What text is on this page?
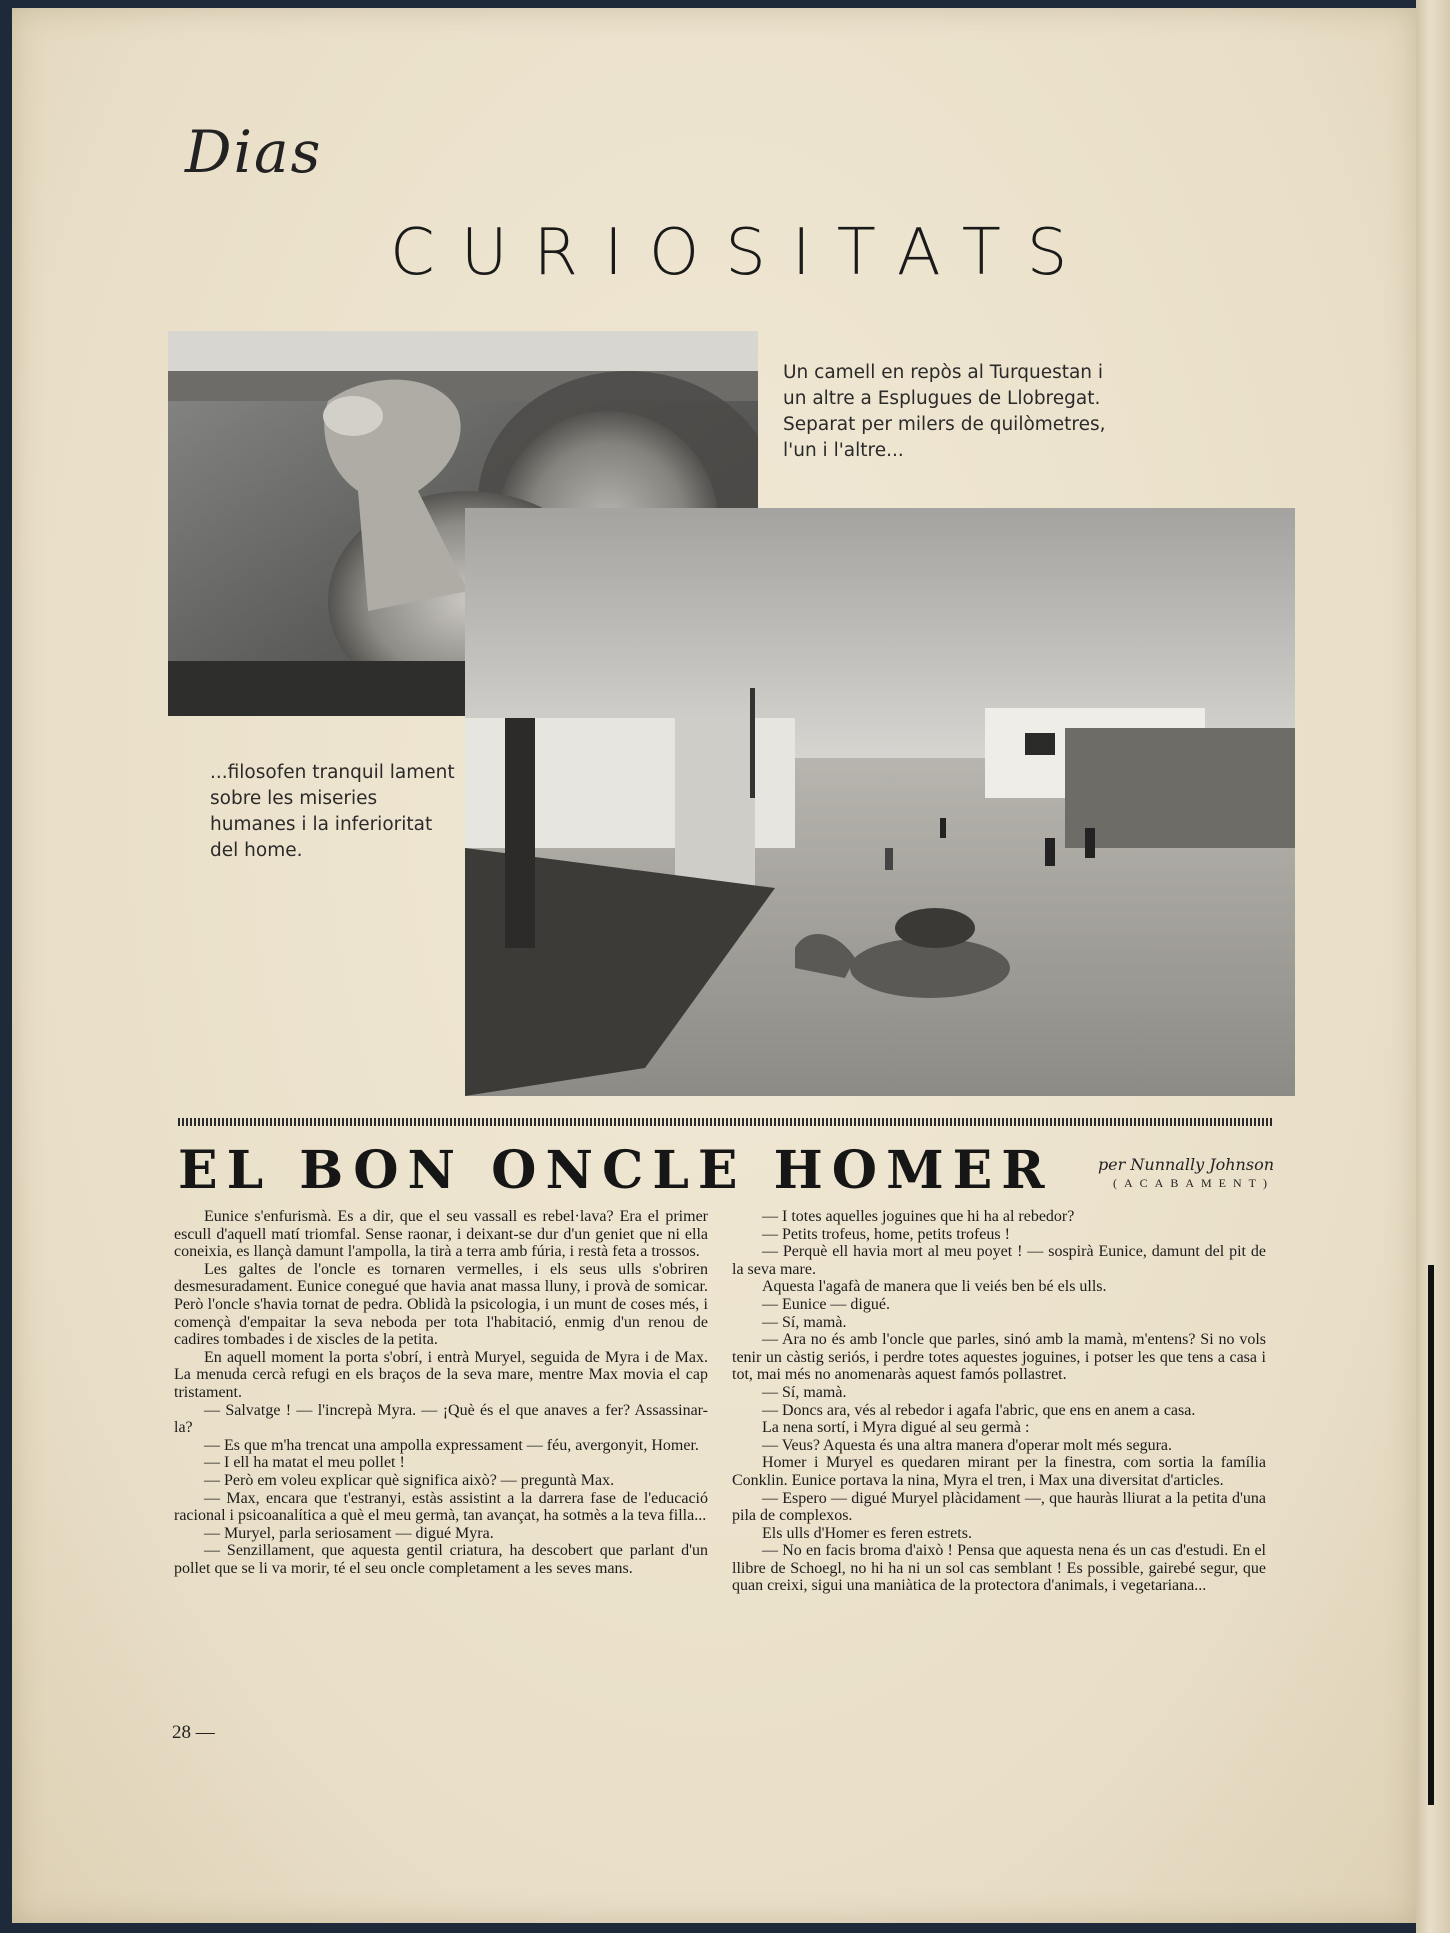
Dias
CURIOSITATS
Un camell en repòs al Turquestan i un altre a Esplugues de Llobregat. Separat per milers de quilòmetres, l'un i l'altre...
...filosofen tranquil lament sobre les miseries humanes i la inferioritat del home.
EL BON ONCLE HOMER	per Nunnally Johnson
(ACABAMENT)

Eunice s'enfurismà. Es a dir, que el seu vassall es rebel·lava? Era el primer escull d'aquell matí triomfal. Sense raonar, i deixant-se dur d'un geniet que ni ella coneixia, es llançà damunt l'ampolla, la tirà a terra amb fúria, i restà feta a trossos.

Les galtes de l'oncle es tornaren vermelles, i els seus ulls s'obriren desmesuradament. Eunice conegué que havia anat massa lluny, i provà de somicar. Però l'oncle s'havia tornat de pedra. Oblidà la psicologia, i un munt de coses més, i començà d'empaitar la seva neboda per tota l'habitació, enmig d'un renou de cadires tombades i de xiscles de la petita.

En aquell moment la porta s'obrí, i entrà Muryel, seguida de Myra i de Max. La menuda cercà refugi en els braços de la seva mare, mentre Max movia el cap tristament.

— Salvatge ! — l'increpà Myra. — ¡Què és el que anaves a fer? Assassinar-la?

— Es que m'ha trencat una ampolla expressament — féu, avergonyit, Homer.

— I ell ha matat el meu pollet !

— Però em voleu explicar què significa això? — preguntà Max.

— Max, encara que t'estranyi, estàs assistint a la darrera fase de l'educació racional i psicoanalítica a què el meu germà, tan avançat, ha sotmès a la teva filla...

— Muryel, parla seriosament — digué Myra.

— Senzillament, que aquesta gentil criatura, ha descobert que parlant d'un pollet que se li va morir, té el seu oncle completament a les seves mans.

— I totes aquelles joguines que hi ha al rebedor?

— Petits trofeus, home, petits trofeus !

— Perquè ell havia mort al meu poyet ! — sospirà Eunice, damunt del pit de la seva mare.

Aquesta l'agafà de manera que li veiés ben bé els ulls.

— Eunice — digué.

— Sí, mamà.

— Ara no és amb l'oncle que parles, sinó amb la mamà, m'entens? Si no vols tenir un càstig seriós, i perdre totes aquestes joguines, i potser les que tens a casa i tot, mai més no anomenaràs aquest famós pollastret.

— Sí, mamà.

— Doncs ara, vés al rebedor i agafa l'abric, que ens en anem a casa.

La nena sortí, i Myra digué al seu germà :

— Veus? Aquesta és una altra manera d'operar molt més segura.

Homer i Muryel es quedaren mirant per la finestra, com sortia la família Conklin. Eunice portava la nina, Myra el tren, i Max una diversitat d'articles.

— Espero — digué Muryel plàcidament —, que hauràs lliurat a la petita d'una pila de complexos.

Els ulls d'Homer es feren estrets.

— No en facis broma d'això ! Pensa que aquesta nena és un cas d'estudi. En el llibre de Schoegl, no hi ha ni un sol cas semblant ! Es possible, gairebé segur, que quan creixi, sigui una maniàtica de la protectora d'animals, i vegetariana...

28 —
